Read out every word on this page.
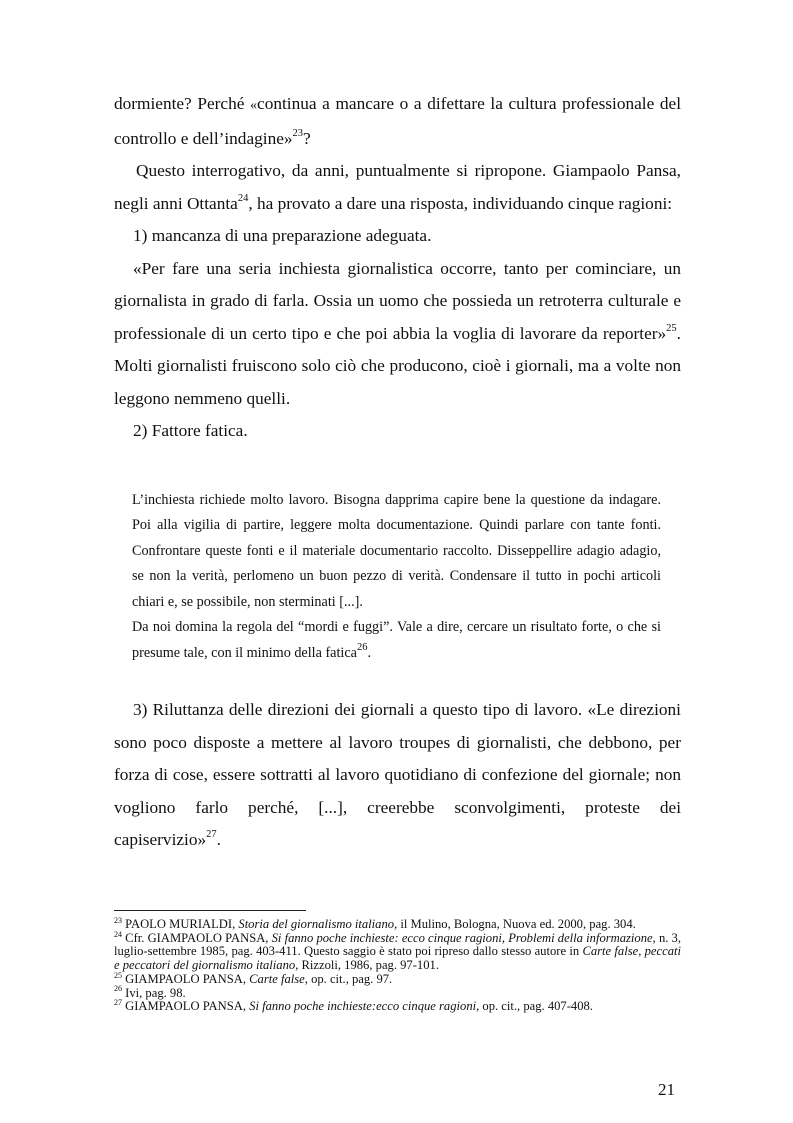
dormiente? Perché «continua a mancare o a difettare la cultura professionale del controllo e dell’indagine»$^{23}$?

Questo interrogativo, da anni, puntualmente si ripropone. Giampaolo Pansa, negli anni Ottanta$^{24}$, ha provato a dare una risposta, individuando cinque ragioni:

1) mancanza di una preparazione adeguata.

«Per fare una seria inchiesta giornalistica occorre, tanto per cominciare, un giornalista in grado di farla. Ossia un uomo che possieda un retroterra culturale e professionale di un certo tipo e che poi abbia la voglia di lavorare da reporter»$^{25}$. Molti giornalisti fruiscono solo ciò che producono, cioè i giornali, ma a volte non leggono nemmeno quelli.

2) Fattore fatica.

L’inchiesta richiede molto lavoro. Bisogna dapprima capire bene la questione da indagare. Poi alla vigilia di partire, leggere molta documentazione. Quindi parlare con tante fonti. Confrontare queste fonti e il materiale documentario raccolto. Disseppellire adagio adagio, se non la verità, perlomeno un buon pezzo di verità. Condensare il tutto in pochi articoli chiari e, se possibile, non sterminati [...].

Da noi domina la regola del “mordi e fuggi”. Vale a dire, cercare un risultato forte, o che si presume tale, con il minimo della fatica$^{26}$.

3) Riluttanza delle direzioni dei giornali a questo tipo di lavoro. «Le direzioni sono poco disposte a mettere al lavoro troupes di giornalisti, che debbono, per forza di cose, essere sottratti al lavoro quotidiano di confezione del giornale; non vogliono farlo perché, [...], creerebbe sconvolgimenti, proteste dei capiservizio»$^{27}$.

$^{23}$ PAOLO MURIALDI, Storia del giornalismo italiano, il Mulino, Bologna, Nuova ed. 2000, pag. 304.

$^{24}$ Cfr. GIAMPAOLO PANSA, Si fanno poche inchieste: ecco cinque ragioni, Problemi della informazione, n. 3, luglio-settembre 1985, pag. 403-411. Questo saggio è stato poi ripreso dallo stesso autore in Carte false, peccati e peccatori del giornalismo italiano, Rizzoli, 1986, pag. 97-101.

$^{25}$ GIAMPAOLO PANSA, Carte false, op. cit., pag. 97.

$^{26}$ Ivi, pag. 98.

$^{27}$ GIAMPAOLO PANSA, Si fanno poche inchieste:ecco cinque ragioni, op. cit., pag. 407-408.

21
